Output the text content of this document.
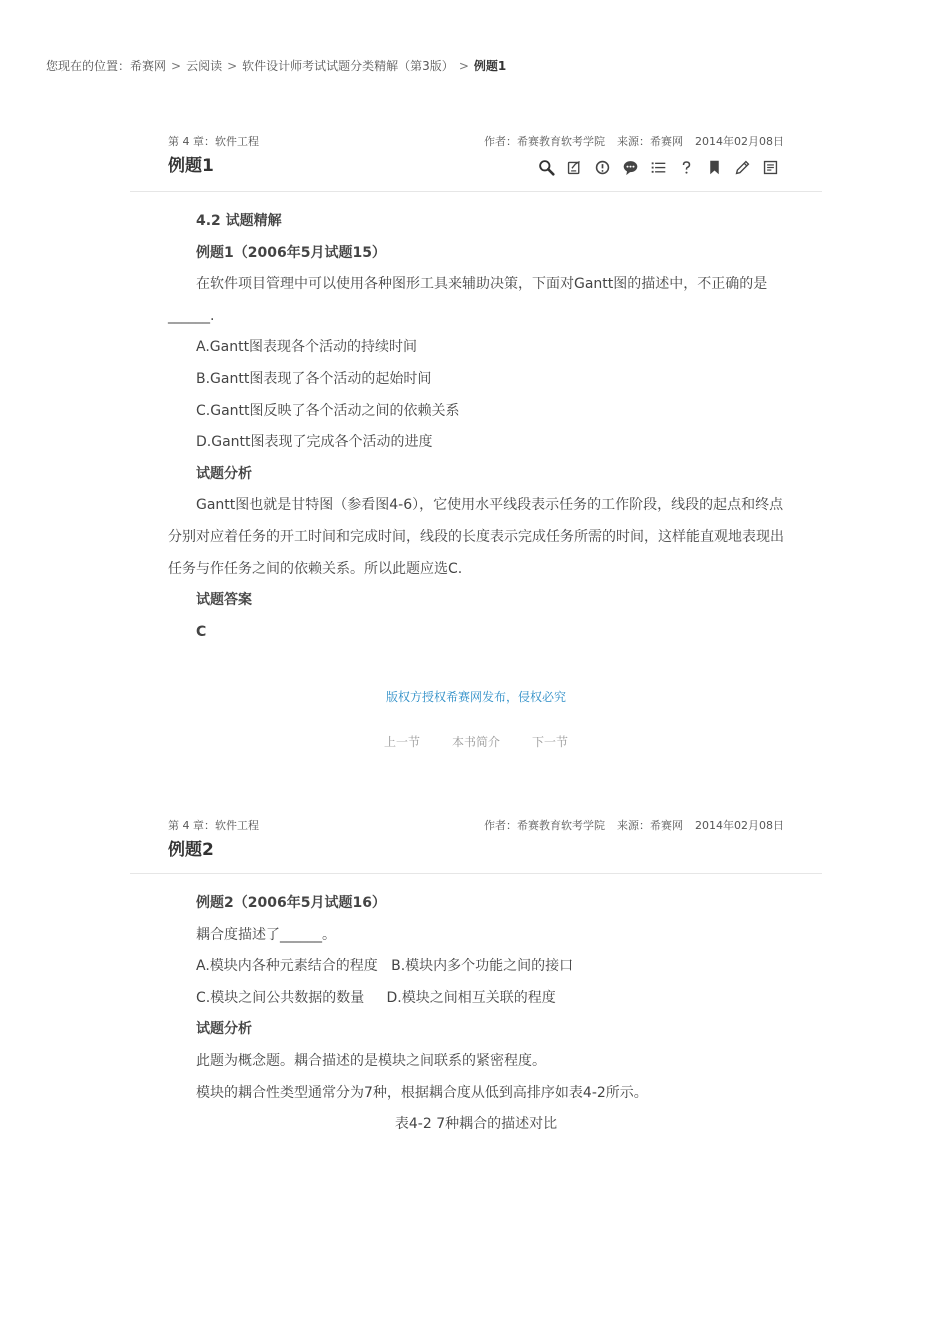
您现在的位置：希赛网 > 云阅读 > 软件设计师考试试题分类精解（第3版） > 例题1
第 4 章：软件工程	作者：希赛教育软考学院 来源：希赛网 2014年02月08日
例题1

4.2 试题精解

例题1（2006年5月试题15）

在软件项目管理中可以使用各种图形工具来辅助决策，下面对Gantt图的描述中，不正确的是

______.

A.Gantt图表现各个活动的持续时间

B.Gantt图表现了各个活动的起始时间

C.Gantt图反映了各个活动之间的依赖关系

D.Gantt图表现了完成各个活动的进度

试题分析

Gantt图也就是甘特图（参看图4-6），它使用水平线段表示任务的工作阶段，线段的起点和终点分别对应着任务的开工时间和完成时间，线段的长度表示完成任务所需的时间，这样能直观地表现出任务与作任务之间的依赖关系。所以此题应选C.

试题答案

C

版权方授权希赛网发布，侵权必究
上一节	本书简介	下一节
第 4 章：软件工程	作者：希赛教育软考学院 来源：希赛网 2014年02月08日
例题2

例题2（2006年5月试题16）

耦合度描述了______。

A.模块内各种元素结合的程度   B.模块内多个功能之间的接口

C.模块之间公共数据的数量     D.模块之间相互关联的程度

试题分析

此题为概念题。耦合描述的是模块之间联系的紧密程度。

模块的耦合性类型通常分为7种，根据耦合度从低到高排序如表4-2所示。

表4-2 7种耦合的描述对比
